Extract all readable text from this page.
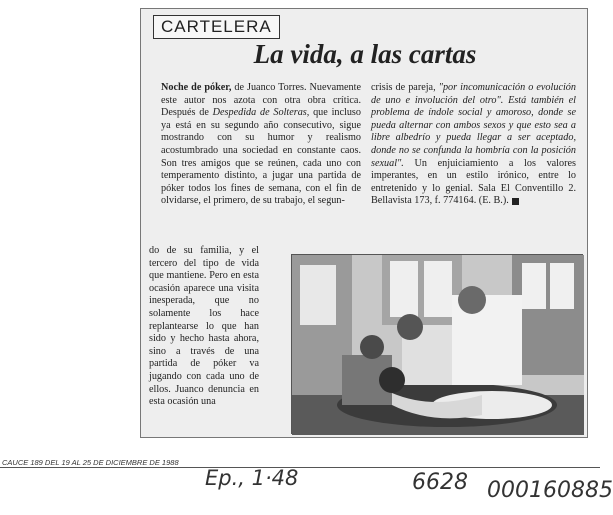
CARTELERA
La vida, a las cartas
Noche de póker, de Juanco Torres. Nuevamente este autor nos azota con otra obra crítica. Después de Despedida de Solteras, que incluso ya está en su segundo año consecutivo, sigue mostrando con su humor y realismo acostumbrado una sociedad en constante caos. Son tres amigos que se reúnen, cada uno con temperamento distinto, a jugar una partida de póker todos los fines de semana, con el fin de olvidarse, el primero, de su trabajo, el segun-
do de su familia, y el tercero del tipo de vida que mantiene. Pero en esta ocasión aparece una visita inesperada, que no solamente los hace replantearse lo que han sido y hecho hasta ahora, sino a través de una partida de póker va jugando con cada uno de ellos. Juanco denuncia en esta ocasión una
crisis de pareja, "por incomunicación o evolución de uno e involución del otro". Está también el problema de índole social y amoroso, donde se pueda alternar con ambos sexos y que esto sea a libre albedrío y pueda llegar a ser aceptado, donde no se confunda la hombría con la posición sexual". Un enjuiciamiento a los valores imperantes, en un estilo irónico, entre lo entretenido y lo genial. Sala El Conventillo 2. Bellavista 173, f. 774164. (E. B.).
CAUCE 189 DEL 19 AL 25 DE DICIEMBRE DE 1988
Ep., 1·48	6628 000160885
